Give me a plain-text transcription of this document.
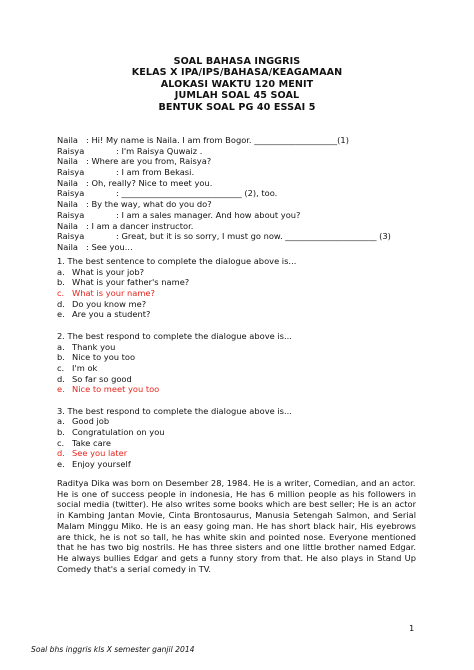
SOAL BAHASA INGGRIS
KELAS X IPA/IPS/BAHASA/KEAGAMAAN
ALOKASI WAKTU 120 MENIT
JUMLAH SOAL 45 SOAL
BENTUK SOAL PG 40 ESSAI 5
Naila : Hi! My name is Naila. I am from Bogor. ____________________(1)
Raisya	: I'm Raisya Quwaiz .
Naila : Where are you from, Raisya?
Raisya	: I am from Bekasi.
Naila : Oh, really? Nice to meet you.
Raisya	: _____________________________ (2), too.
Naila : By the way, what do you do?
Raisya	: I am a sales manager. And how about you?
Naila : I am a dancer instructor.
Raisya	: Great, but it is so sorry, I must go now. ______________________ (3)
Naila : See you...
1. The best sentence to complete the dialogue above is...
a. What is your job?
b. What is your father's name?
c. What is your name?
d. Do you know me?
e. Are you a student?
2. The best respond to complete the dialogue above is...
a. Thank you
b. Nice to you too
c. I'm ok
d. So far so good
e. Nice to meet you too
3. The best respond to complete the dialogue above is...
a. Good job
b. Congratulation on you
c. Take care
d. See you later
e. Enjoy yourself

Raditya Dika was born on Desember 28, 1984. He is a writer, Comedian, and an actor.

He is one of success people in indonesia, He has 6 million people as his followers in social media (twitter). He also writes some books which are best seller; He is an actor in Kambing Jantan Movie, Cinta Brontosaurus, Manusia Setengah Salmon, and Serial Malam Minggu Miko. He is an easy going man. He has short black hair, His eyebrows are thick, he is not so tall, he has white skin and pointed nose. Everyone mentioned that he has two big nostrils. He has three sisters and one little brother named Edgar. He always bullies Edgar and gets a funny story from that. He also plays in Stand Up Comedy that's a serial comedy in TV.

1
Soal bhs inggris kls X semester ganjil 2014
